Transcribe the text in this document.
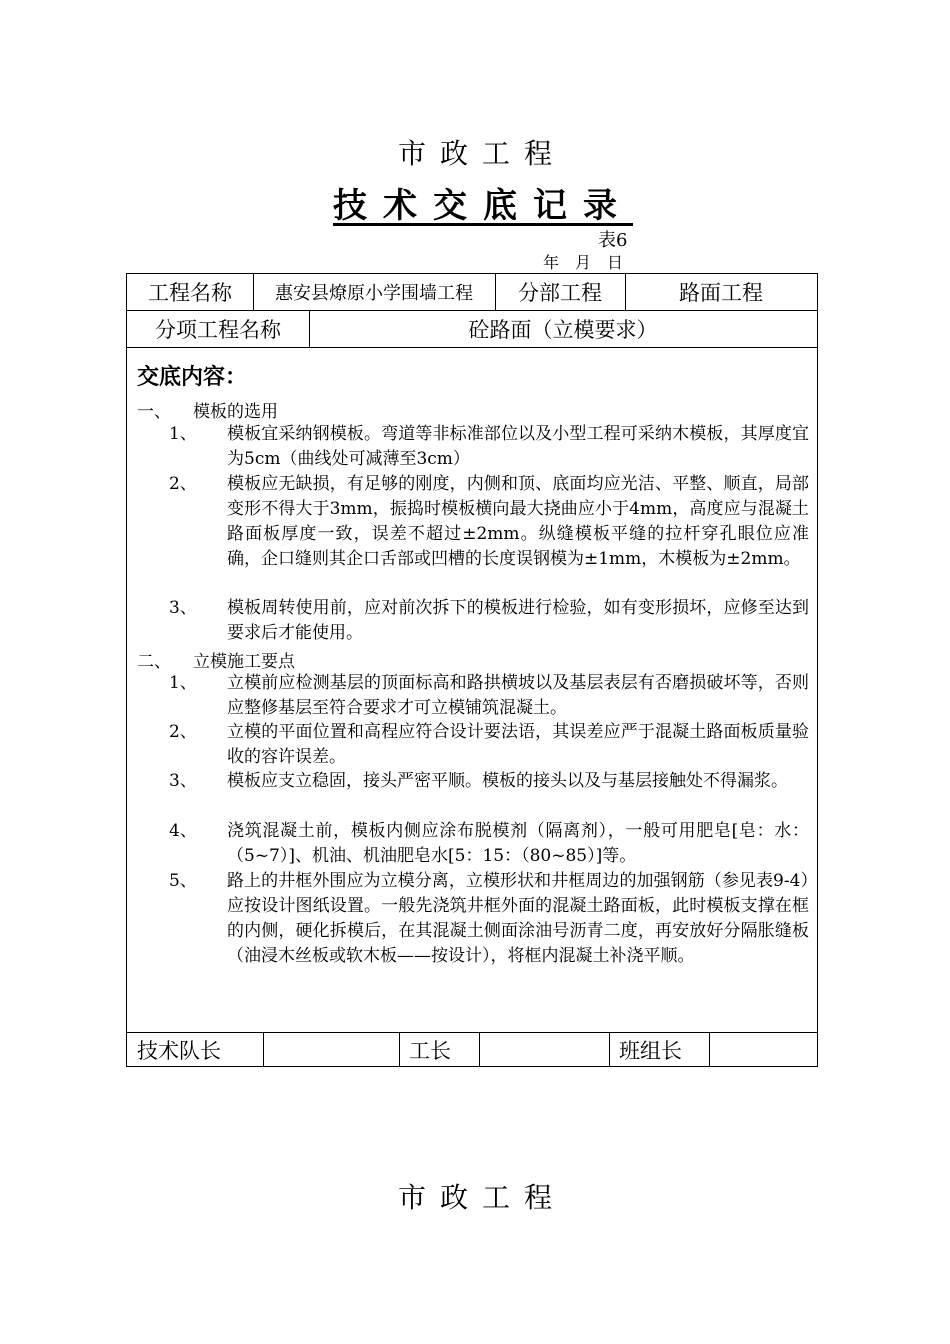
市政工程
技术交底记录
表6
年 月 日
工程名称	惠安县燎原小学围墙工程	分部工程	路面工程
分项工程名称	砼路面（立模要求）
交底内容：
一、 模板的选用
1、 模板宜采纳钢模板。弯道等非标准部位以及小型工程可采纳木模板，其厚度宜为5cm（曲线处可减薄至3cm）
2、 模板应无缺损，有足够的刚度，内侧和顶、底面均应光洁、平整、顺直，局部变形不得大于3mm，振捣时模板横向最大挠曲应小于4mm，高度应与混凝土路面板厚度一致，误差不超过±2mm。纵缝模板平缝的拉杆穿孔眼位应准确，企口缝则其企口舌部或凹槽的长度误钢模为±1mm，木模板为±2mm。
3、 模板周转使用前，应对前次拆下的模板进行检验，如有变形损坏，应修至达到要求后才能使用。
二、 立模施工要点
1、 立模前应检测基层的顶面标高和路拱横坡以及基层表层有否磨损破坏等，否则应整修基层至符合要求才可立模铺筑混凝土。
2、 立模的平面位置和高程应符合设计要法语，其误差应严于混凝土路面板质量验收的容许误差。
3、 模板应支立稳固，接头严密平顺。模板的接头以及与基层接触处不得漏浆。
4、 浇筑混凝土前，模板内侧应涂布脱模剂（隔离剂），一般可用肥皂[皂：水：（5~7）]、机油、机油肥皂水[5：15：（80~85）]等。
5、 路上的井框外围应为立模分离，立模形状和井框周边的加强钢筋（参见表9-4）应按设计图纸设置。一般先浇筑井框外面的混凝土路面板，此时模板支撑在框的内侧，硬化拆模后，在其混凝土侧面涂油号沥青二度，再安放好分隔胀缝板（油浸木丝板或软木板——按设计），将框内混凝土补浇平顺。
技术队长	工长	班组长
市政工程
